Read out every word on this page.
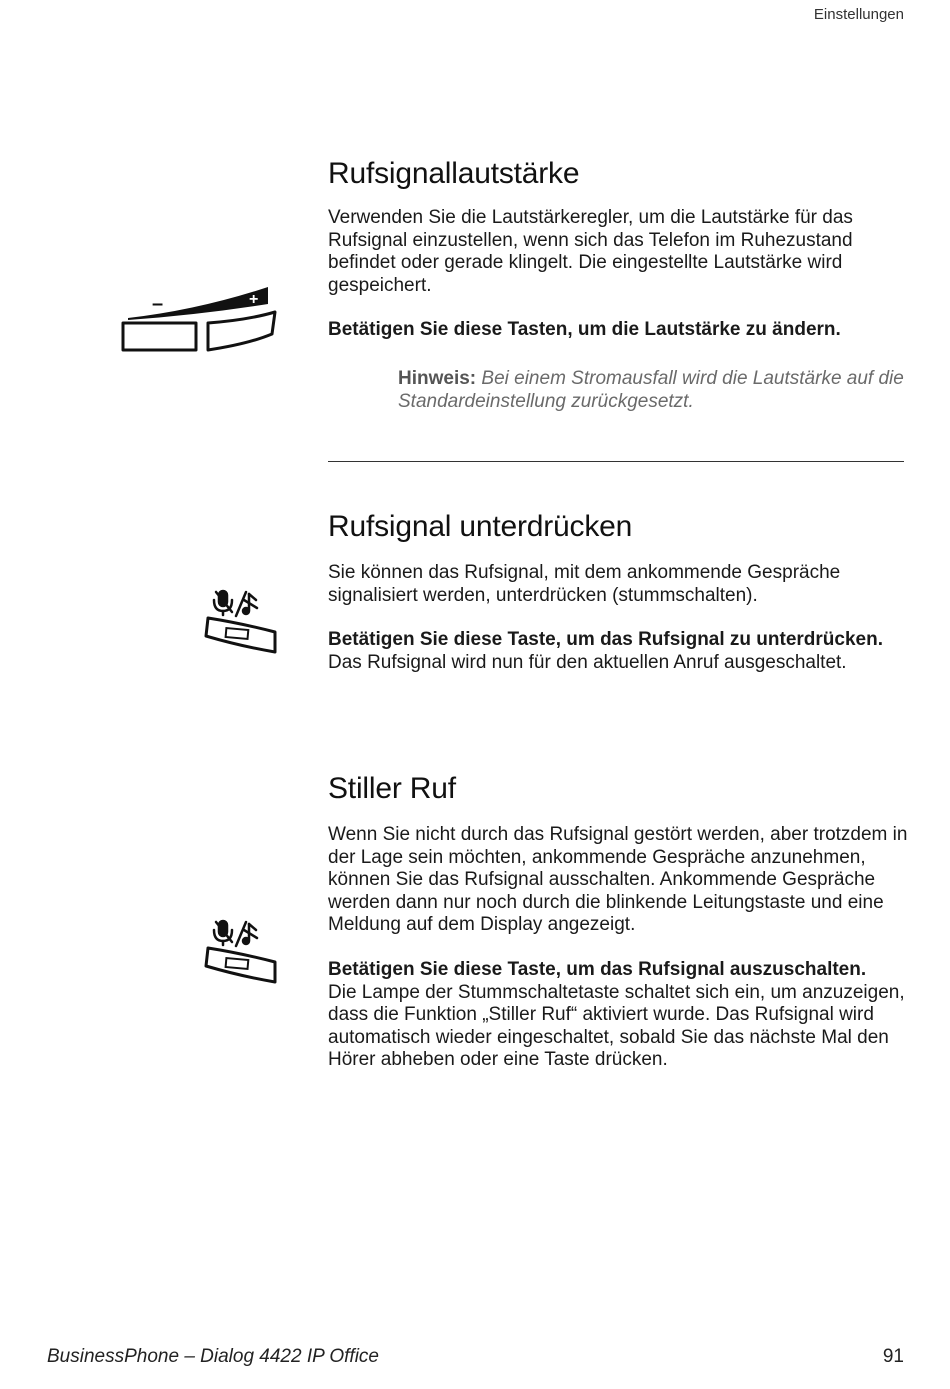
Einstellungen
Rufsignallautstärke

Verwenden Sie die Lautstärkeregler, um die Lautstärke für das Rufsignal einzustellen, wenn sich das Telefon im Ruhezustand befindet oder gerade klingelt. Die eingestellte Lautstärke wird gespeichert.

Betätigen Sie diese Tasten, um die Lautstärke zu ändern.

Hinweis: Bei einem Stromausfall wird die Lautstärke auf die Standardeinstellung zurückgesetzt.
–	+
Rufsignal unterdrücken

Sie können das Rufsignal, mit dem ankommende Gespräche signalisiert werden, unterdrücken (stummschalten).

Betätigen Sie diese Taste, um das Rufsignal zu unterdrücken.

Das Rufsignal wird nun für den aktuellen Anruf ausgeschaltet.

Stiller Ruf

Wenn Sie nicht durch das Rufsignal gestört werden, aber trotzdem in der Lage sein möchten, ankommende Gespräche anzunehmen, können Sie das Rufsignal ausschalten. Ankommende Gespräche werden dann nur noch durch die blinkende Leitungstaste und eine Meldung auf dem Display angezeigt.

Betätigen Sie diese Taste, um das Rufsignal auszuschalten.

Die Lampe der Stummschaltetaste schaltet sich ein, um anzuzeigen, dass die Funktion „Stiller Ruf“ aktiviert wurde. Das Rufsignal wird automatisch wieder eingeschaltet, sobald Sie das nächste Mal den Hörer abheben oder eine Taste drücken.

BusinessPhone – Dialog 4422 IP Office	91
